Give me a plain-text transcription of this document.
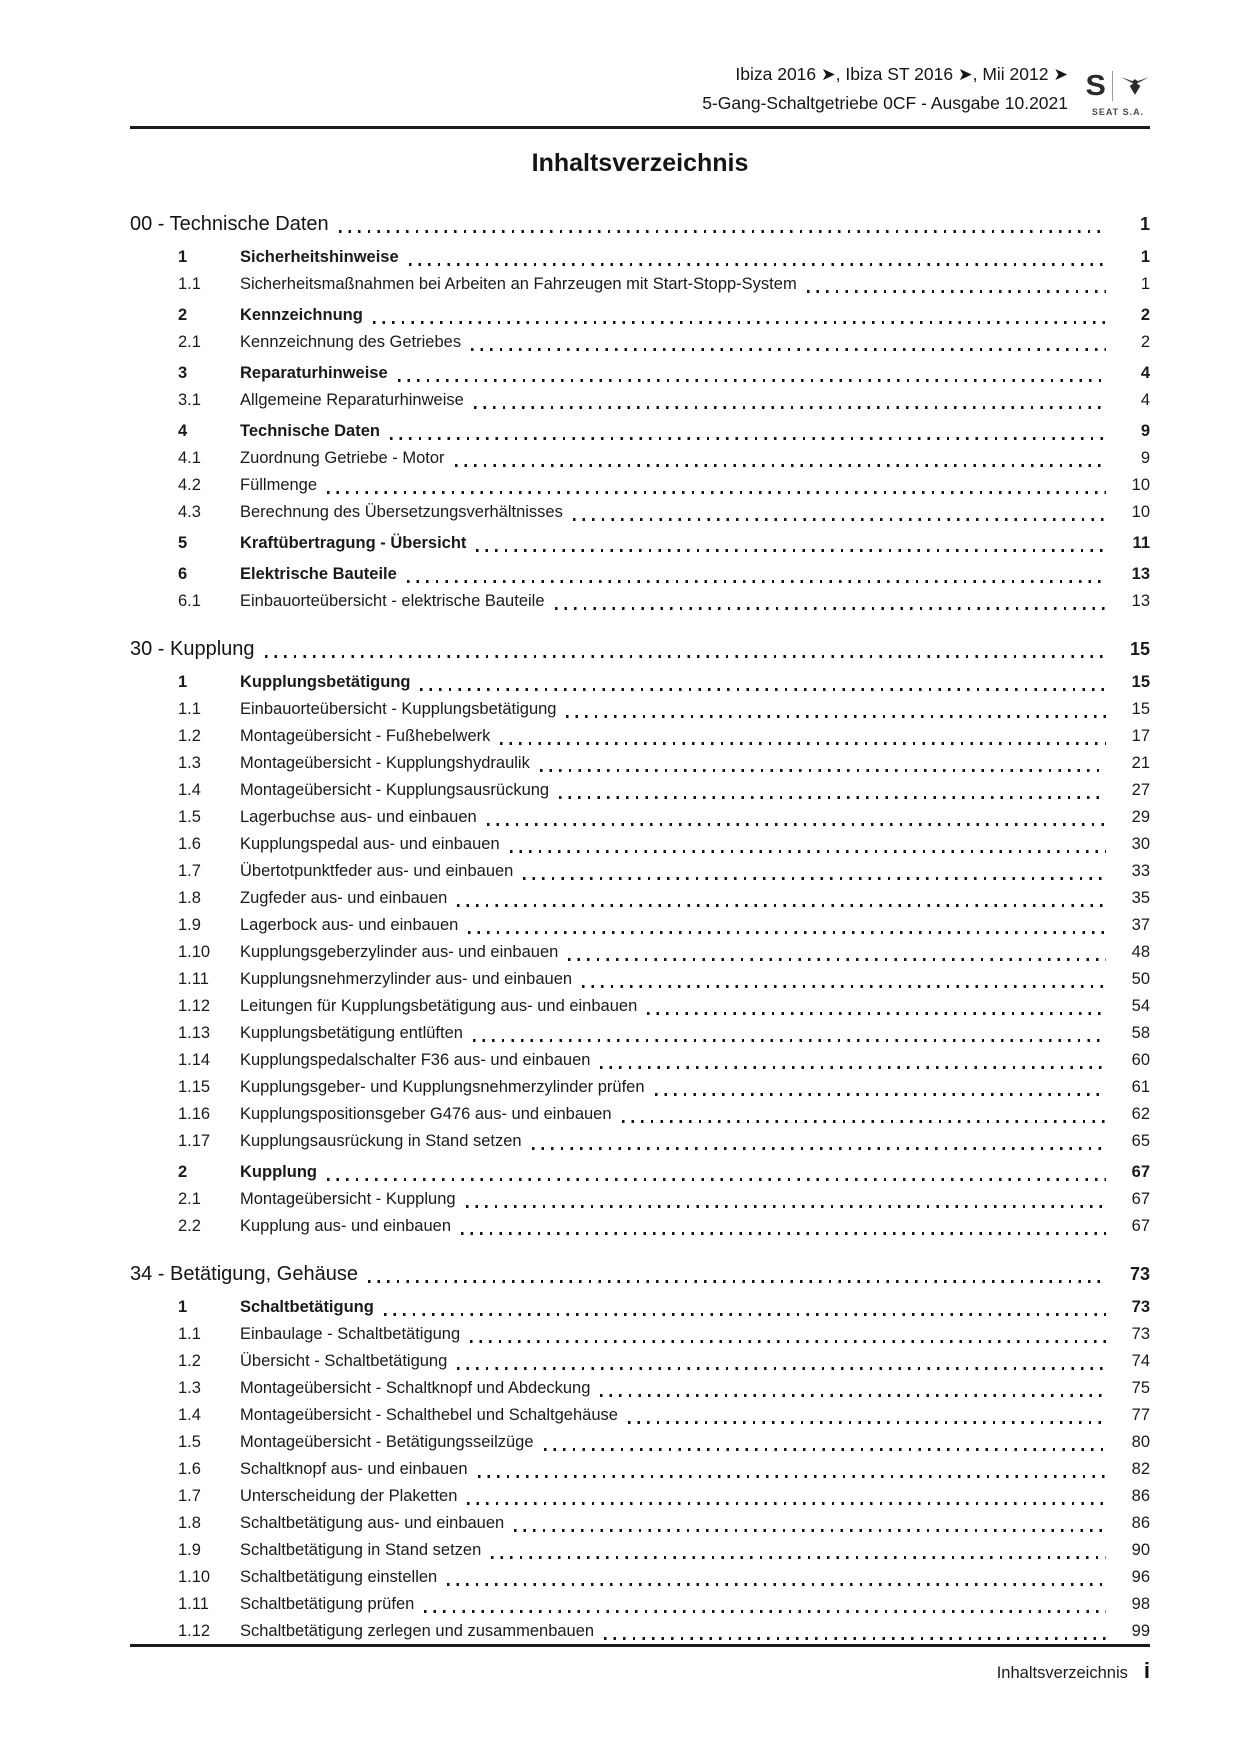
Ibiza 2016 ➤, Ibiza ST 2016 ➤, Mii 2012 ➤
5-Gang-Schaltgetriebe 0CF - Ausgabe 10.2021
S
SEAT S.A.
Inhaltsverzeichnis
00 - Technische Daten	1
1	Sicherheitshinweise	1
1.1	Sicherheitsmaßnahmen bei Arbeiten an Fahrzeugen mit Start-Stopp-System	1
2	Kennzeichnung	2
2.1	Kennzeichnung des Getriebes	2
3	Reparaturhinweise	4
3.1	Allgemeine Reparaturhinweise	4
4	Technische Daten	9
4.1	Zuordnung Getriebe - Motor	9
4.2	Füllmenge	10
4.3	Berechnung des Übersetzungsverhältnisses	10
5	Kraftübertragung - Übersicht	11
6	Elektrische Bauteile	13
6.1	Einbauorteübersicht - elektrische Bauteile	13
30 - Kupplung	15
1	Kupplungsbetätigung	15
1.1	Einbauorteübersicht - Kupplungsbetätigung	15
1.2	Montageübersicht - Fußhebelwerk	17
1.3	Montageübersicht - Kupplungshydraulik	21
1.4	Montageübersicht - Kupplungsausrückung	27
1.5	Lagerbuchse aus- und einbauen	29
1.6	Kupplungspedal aus- und einbauen	30
1.7	Übertotpunktfeder aus- und einbauen	33
1.8	Zugfeder aus- und einbauen	35
1.9	Lagerbock aus- und einbauen	37
1.10	Kupplungsgeberzylinder aus- und einbauen	48
1.11	Kupplungsnehmerzylinder aus- und einbauen	50
1.12	Leitungen für Kupplungsbetätigung aus- und einbauen	54
1.13	Kupplungsbetätigung entlüften	58
1.14	Kupplungspedalschalter F36 aus- und einbauen	60
1.15	Kupplungsgeber- und Kupplungsnehmerzylinder prüfen	61
1.16	Kupplungspositionsgeber G476 aus- und einbauen	62
1.17	Kupplungsausrückung in Stand setzen	65
2	Kupplung	67
2.1	Montageübersicht - Kupplung	67
2.2	Kupplung aus- und einbauen	67
34 - Betätigung, Gehäuse	73
1	Schaltbetätigung	73
1.1	Einbaulage - Schaltbetätigung	73
1.2	Übersicht - Schaltbetätigung	74
1.3	Montageübersicht - Schaltknopf und Abdeckung	75
1.4	Montageübersicht - Schalthebel und Schaltgehäuse	77
1.5	Montageübersicht - Betätigungsseilzüge	80
1.6	Schaltknopf aus- und einbauen	82
1.7	Unterscheidung der Plaketten	86
1.8	Schaltbetätigung aus- und einbauen	86
1.9	Schaltbetätigung in Stand setzen	90
1.10	Schaltbetätigung einstellen	96
1.11	Schaltbetätigung prüfen	98
1.12	Schaltbetätigung zerlegen und zusammenbauen	99
Inhaltsverzeichnis i
